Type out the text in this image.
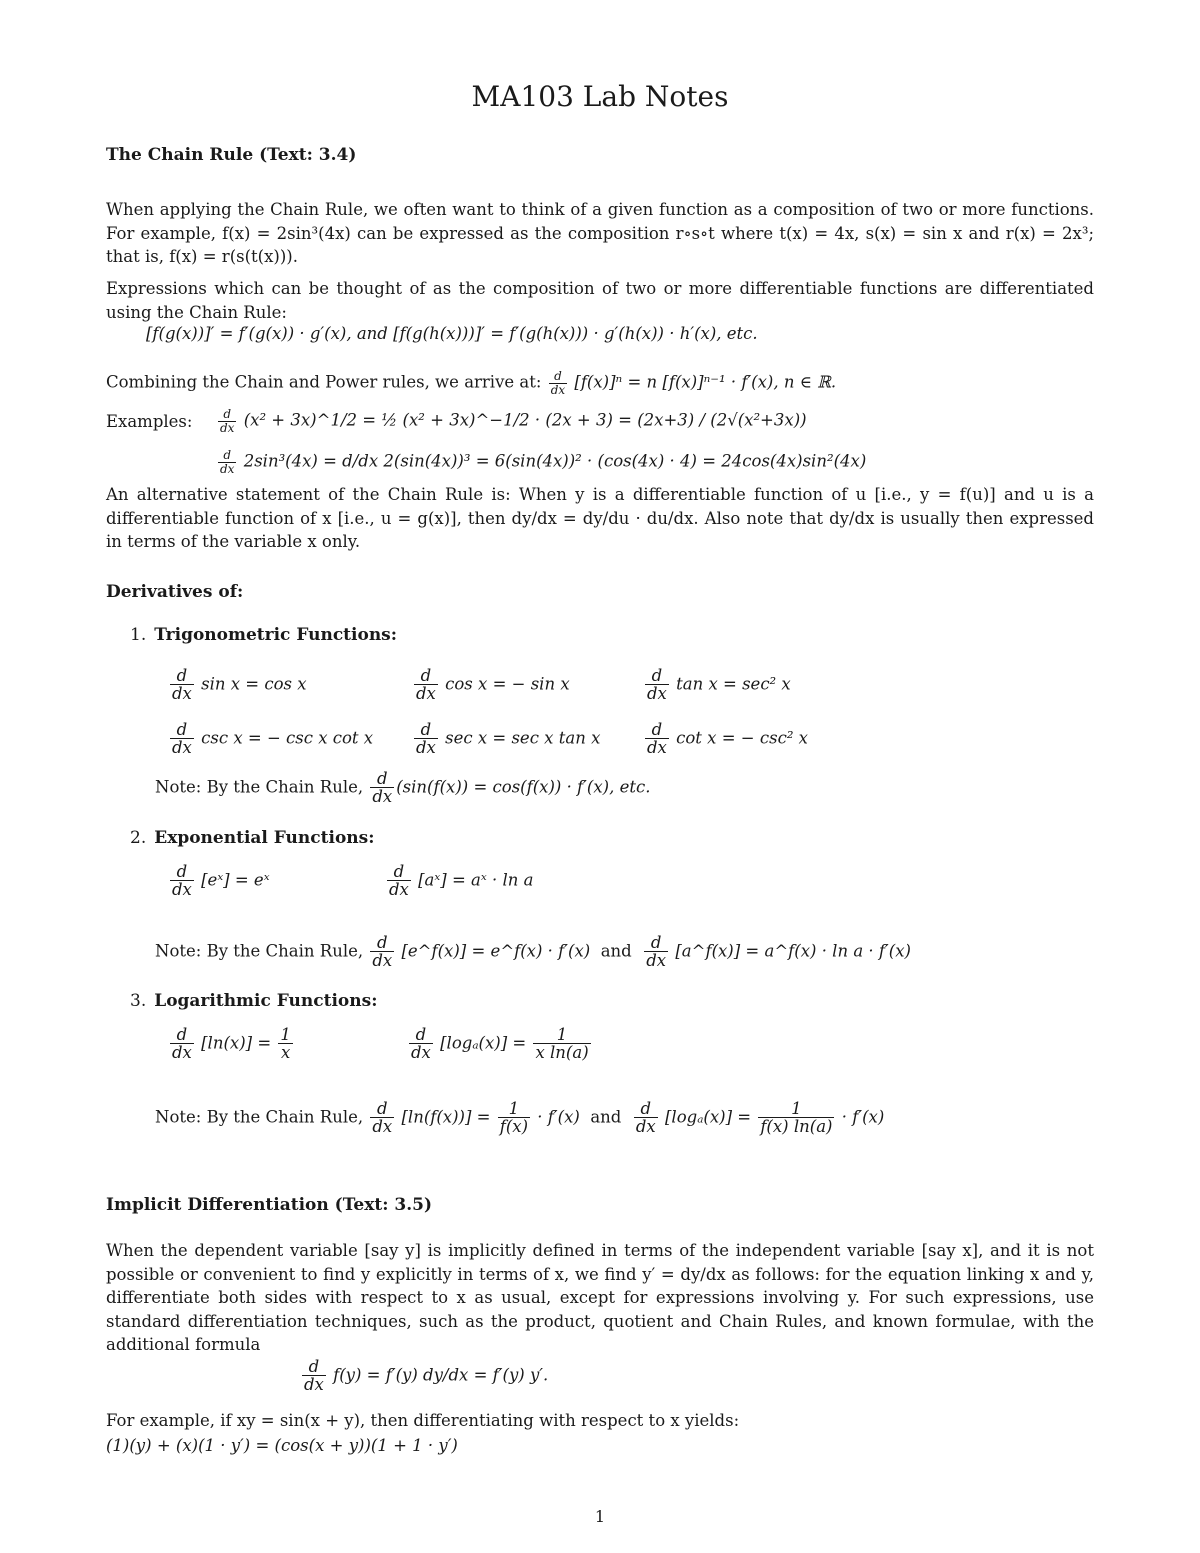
MA103 Lab Notes
The Chain Rule (Text: 3.4)
When applying the Chain Rule, we often want to think of a given function as a composition of two or more functions. For example, f(x) = 2sin³(4x) can be expressed as the composition r∘s∘t where t(x) = 4x, s(x) = sin x and r(x) = 2x³; that is, f(x) = r(s(t(x))).
Expressions which can be thought of as the composition of two or more differentiable functions are differentiated using the Chain Rule:
[f(g(x))]′ = f′(g(x)) · g′(x), and [f(g(h(x)))]′ = f′(g(h(x))) · g′(h(x)) · h′(x), etc.
Combining the Chain and Power rules, we arrive at: $\frac{d}{dx} [f(x)]^n = n$ [f(x)]ⁿ⁻¹ · f′(x), n ∈ ℝ.
Examples: $\frac{d}{dx} (x^2$ + 3x)^1/2 = ½ (x² + 3x)^−1/2 · (2x + 3) = (2x+3) / (2√(x²+3x))
$\frac{d}{dx} 2\sin^3(4x) = d/dx$ 2(sin(4x))³ = 6(sin(4x))² · (cos(4x) · 4) = 24cos(4x)sin²(4x)
An alternative statement of the Chain Rule is: When y is a differentiable function of u [i.e., y = f(u)] and u is a differentiable function of x [i.e., u = g(x)], then dy/dx = dy/du · du/dx. Also note that dy/dx is usually then expressed in terms of the variable x only.
Derivatives of:
1. Trigonometric Functions:
$\frac{d}{dx}$ sin x = cos x	$\frac{d}{dx}$ cos x = − sin x	$\frac{d}{dx}$ tan x = sec² x
$\frac{d}{dx}$ csc x = − csc x cot x $\frac{d}{dx}$ sec x = sec x tan x	$\frac{d}{dx}$ cot x = − csc² x
Note: By the Chain Rule, $\frac{d}{dx} (\sin(f(x)) = \cos(f(x)) \cdot f'(x)$, etc.
2. Exponential Functions:
$\frac{d}{dx}$ [eˣ] = eˣ	$\frac{d}{dx}$ [aˣ] = aˣ · ln a
Note: By the Chain Rule, $\frac{d}{dx}$ [e^f(x)] = e^f(x) · f′(x) and $\frac{d}{dx}$ [a^f(x)] = a^f(x) · ln a · f′(x)
3. Logarithmic Functions:
$\frac{d}{dx} [\ln(x)] = \frac{1}{x}$	$\frac{d}{dx} [\log_a(x)] = \frac{1}{\text{x ln(a)}}$
Note: By the Chain Rule, $\frac{d}{dx} [\ln(f(x))] = \frac{1}{f(x)} \cdot f'(x)$ and $\frac{d}{dx} [\log_a(x)] = \frac{1}{f(x) \ln(a)} \cdot f'(x)$
Implicit Differentiation (Text: 3.5)
When the dependent variable [say y] is implicitly defined in terms of the independent variable [say x], and it is not possible or convenient to find y explicitly in terms of x, we find y′ = dy/dx as follows: for the equation linking x and y, differentiate both sides with respect to x as usual, except for expressions involving y. For such expressions, use standard differentiation techniques, such as the product, quotient and Chain Rules, and known formulae, with the additional formula
$\frac{d}{dx} f(y) = f'(y) dy/dx = f'(y)$ y′.
For example, if xy = sin(x + y), then differentiating with respect to x yields:
(1)(y) + (x)(1 · y′) = (cos(x + y))(1 + 1 · y′)
1
